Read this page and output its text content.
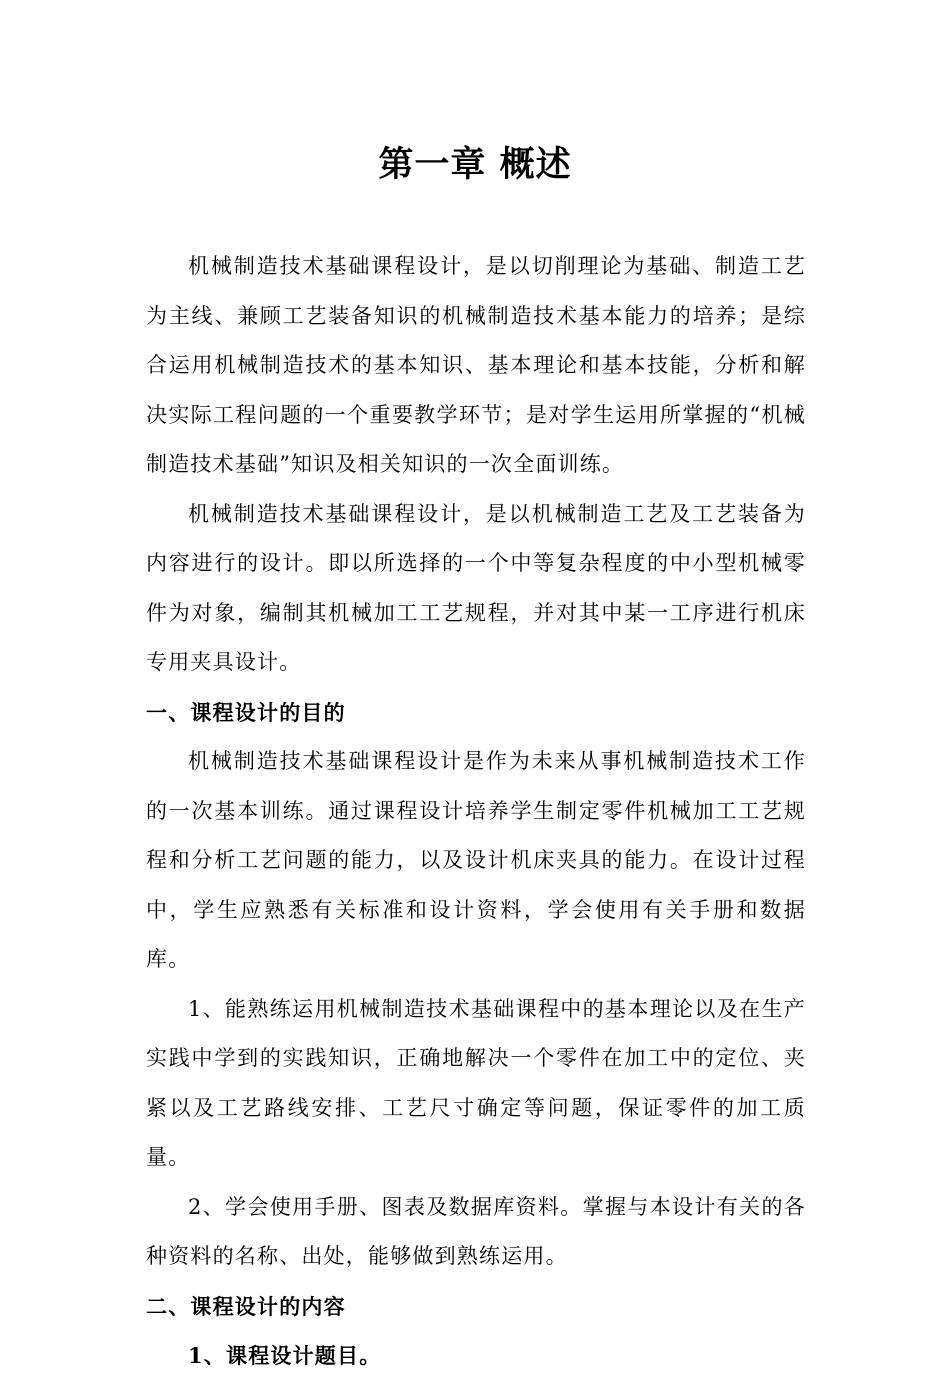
第一章 概述

机械制造技术基础课程设计，是以切削理论为基础、制造工艺为主线、兼顾工艺装备知识的机械制造技术基本能力的培养；是综合运用机械制造技术的基本知识、基本理论和基本技能，分析和解决实际工程问题的一个重要教学环节；是对学生运用所掌握的“机械制造技术基础”知识及相关知识的一次全面训练。

机械制造技术基础课程设计，是以机械制造工艺及工艺装备为内容进行的设计。即以所选择的一个中等复杂程度的中小型机械零件为对象，编制其机械加工工艺规程，并对其中某一工序进行机床专用夹具设计。

一、课程设计的目的

机械制造技术基础课程设计是作为未来从事机械制造技术工作的一次基本训练。通过课程设计培养学生制定零件机械加工工艺规程和分析工艺问题的能力，以及设计机床夹具的能力。在设计过程中，学生应熟悉有关标准和设计资料，学会使用有关手册和数据库。

1、能熟练运用机械制造技术基础课程中的基本理论以及在生产实践中学到的实践知识，正确地解决一个零件在加工中的定位、夹紧以及工艺路线安排、工艺尺寸确定等问题，保证零件的加工质量。

2、学会使用手册、图表及数据库资料。掌握与本设计有关的各种资料的名称、出处，能够做到熟练运用。

二、课程设计的内容

1、课程设计题目。
